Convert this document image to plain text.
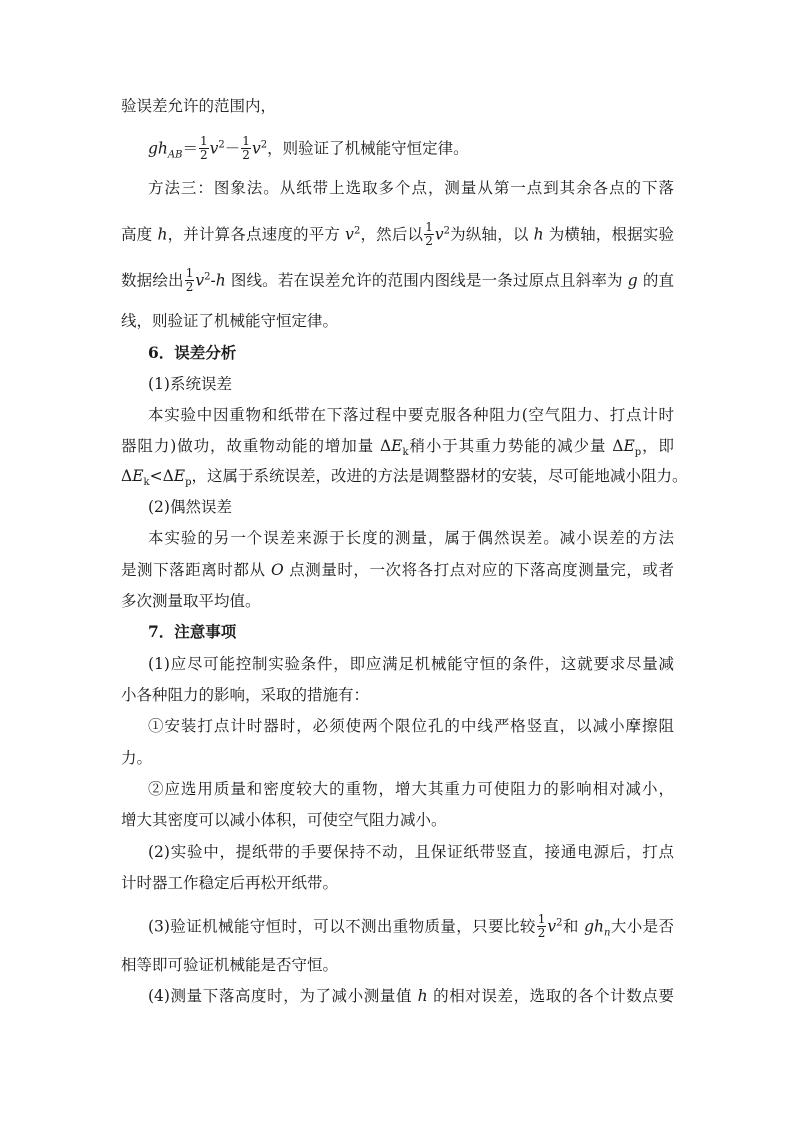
验误差允许的范围内，
$gh_{AB}= \frac{1}{2} v^2- \frac{1}{2} v^2$，则验证了机械能守恒定律。
方法三：图象法。从纸带上选取多个点，测量从第一点到其余各点的下落
高度 h，并计算各点速度的平方 $v^2$，然后以 $\frac{1}{2} v^2$为纵轴，以 h 为横轴，根据实验
数据绘出 $\frac{1}{2} v^2-h$ 图线。若在误差允许的范围内图线是一条过原点且斜率为 g 的直
线，则验证了机械能守恒定律。
6．误差分析
(1)系统误差
本实验中因重物和纸带在下落过程中要克服各种阻力(空气阻力、打点计时
器阻力)做功，故重物动能的增加量 $\Delta E_k$稍小于其重力势能的减少量 $\Delta E_p$，即
$\Delta E_k<\Delta E_p$，这属于系统误差，改进的方法是调整器材的安装，尽可能地减小阻力。
(2)偶然误差
本实验的另一个误差来源于长度的测量，属于偶然误差。减小误差的方法
是测下落距离时都从 O 点测量时，一次将各打点对应的下落高度测量完，或者
多次测量取平均值。
7．注意事项
(1)应尽可能控制实验条件，即应满足机械能守恒的条件，这就要求尽量减
小各种阻力的影响，采取的措施有：
①安装打点计时器时，必须使两个限位孔的中线严格竖直，以减小摩擦阻
力。
②应选用质量和密度较大的重物，增大其重力可使阻力的影响相对减小，
增大其密度可以减小体积，可使空气阻力减小。
(2)实验中，提纸带的手要保持不动，且保证纸带竖直，接通电源后，打点
计时器工作稳定后再松开纸带。
(3)验证机械能守恒时，可以不测出重物质量，只要比较 $\frac{1}{2} v^2$和 $gh_n$大小是否
相等即可验证机械能是否守恒。
(4)测量下落高度时，为了减小测量值 h 的相对误差，选取的各个计数点要
